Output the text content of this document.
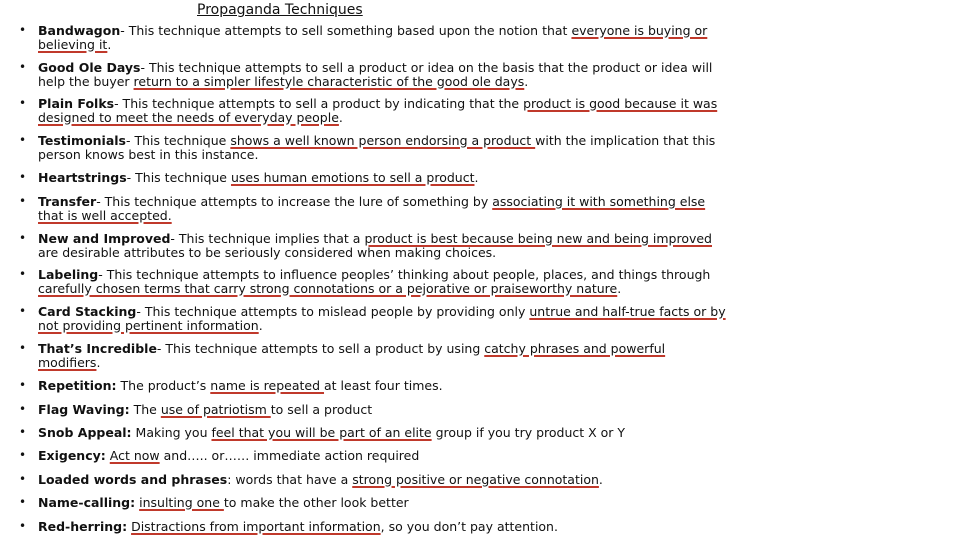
Propaganda Techniques
• Bandwagon- This technique attempts to sell something based upon the notion that everyone is buying or believing it.
• Good Ole Days- This technique attempts to sell a product or idea on the basis that the product or idea will help the buyer return to a simpler lifestyle characteristic of the good ole days.
• Plain Folks- This technique attempts to sell a product by indicating that the product is good because it was designed to meet the needs of everyday people.
• Testimonials- This technique shows a well known person endorsing a product with the implication that this person knows best in this instance.
• Heartstrings- This technique uses human emotions to sell a product.
• Transfer- This technique attempts to increase the lure of something by associating it with something else that is well accepted.
• New and Improved- This technique implies that a product is best because being new and being improved are desirable attributes to be seriously considered when making choices.
• Labeling- This technique attempts to influence peoples’ thinking about people, places, and things through carefully chosen terms that carry strong connotations or a pejorative or praiseworthy nature.
• Card Stacking- This technique attempts to mislead people by providing only untrue and half-true facts or by not providing pertinent information.
• That’s Incredible- This technique attempts to sell a product by using catchy phrases and powerful modifiers.
• Repetition: The product’s name is repeated at least four times.
• Flag Waving: The use of patriotism to sell a product
• Snob Appeal: Making you feel that you will be part of an elite group if you try product X or Y
• Exigency: Act now and….. or…… immediate action required
• Loaded words and phrases: words that have a strong positive or negative connotation.
• Name-calling: insulting one to make the other look better
• Red-herring: Distractions from important information, so you don’t pay attention.
